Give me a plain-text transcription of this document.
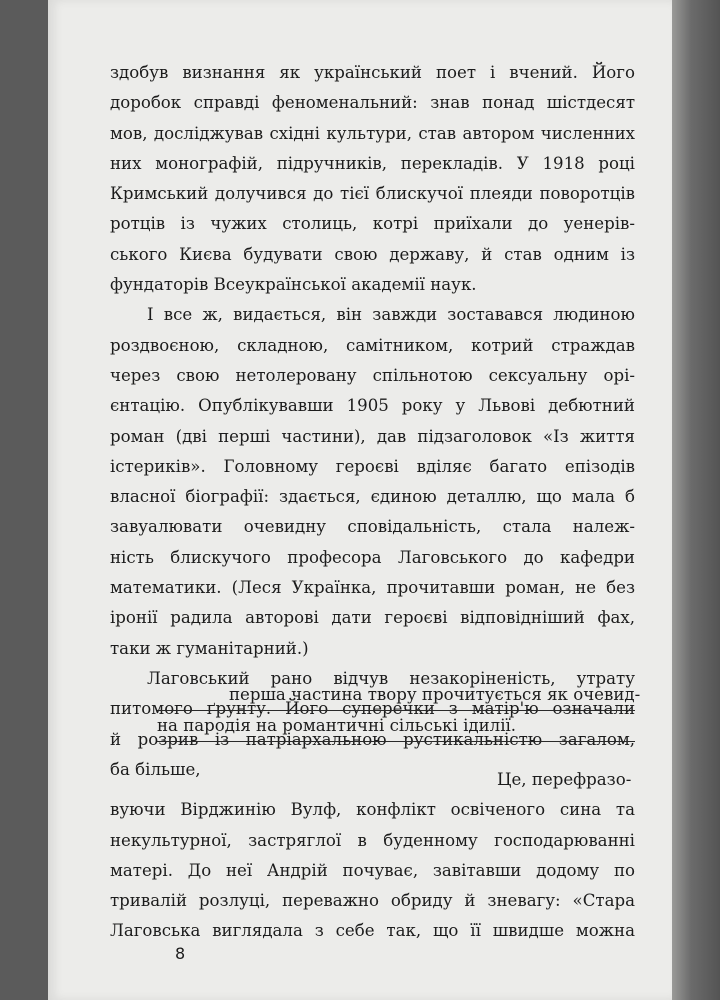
здобув визнання як український поет і вчений. Його
доробок справді феноменальний: знав понад шістдесят
мов, досліджував східні культури, став автором численних
них монографій, підручників, перекладів. У 1918 році
Кримський долучився до тієї блискучої плеяди поворотців
ротців із чужих столиць, котрі приїхали до уенерів-
ського Києва будувати свою державу, й став одним із
фундаторів Всеукраїнської академії наук.
І все ж, видається, він завжди зоставався людиною
роздвоєною, складною, самітником, котрий страждав
через свою нетолеровану спільнотою сексуальну орі-
єнтацію. Опублікувавши 1905 року у Львові дебютний
роман (дві перші частини), дав підзаголовок «Із життя
істериків». Головному героєві вділяє багато епізодів
власної біографії: здається, єдиною деталлю, що мала б
завуалювати очевидну сповідальність, стала належ-
ність блискучого професора Лаговського до кафедри
математики. (Леся Українка, прочитавши роман, не без
іронії радила авторові дати героєві відповідніший фах,
таки ж гуманітарний.)
Лаговський рано відчув незакоріненість, утрату
питомого ґрунту. Його суперечки з матір'ю означали
й розрив із патріархальною рустикальністю загалом,
ба більше,
перша частина твору прочитується як очевид-
на пародія на романтичні сільські ідилії.
Це, перефразо-
вуючи Вірджинію Вулф, конфлікт освіченого сина та
некультурної, застряглої в буденному господарюванні
матері. До неї Андрій почуває, завітавши додому по
тривалій розлуці, переважно обриду й зневагу: «Стара
Лаговська виглядала з себе так, що її швидше можна
8
